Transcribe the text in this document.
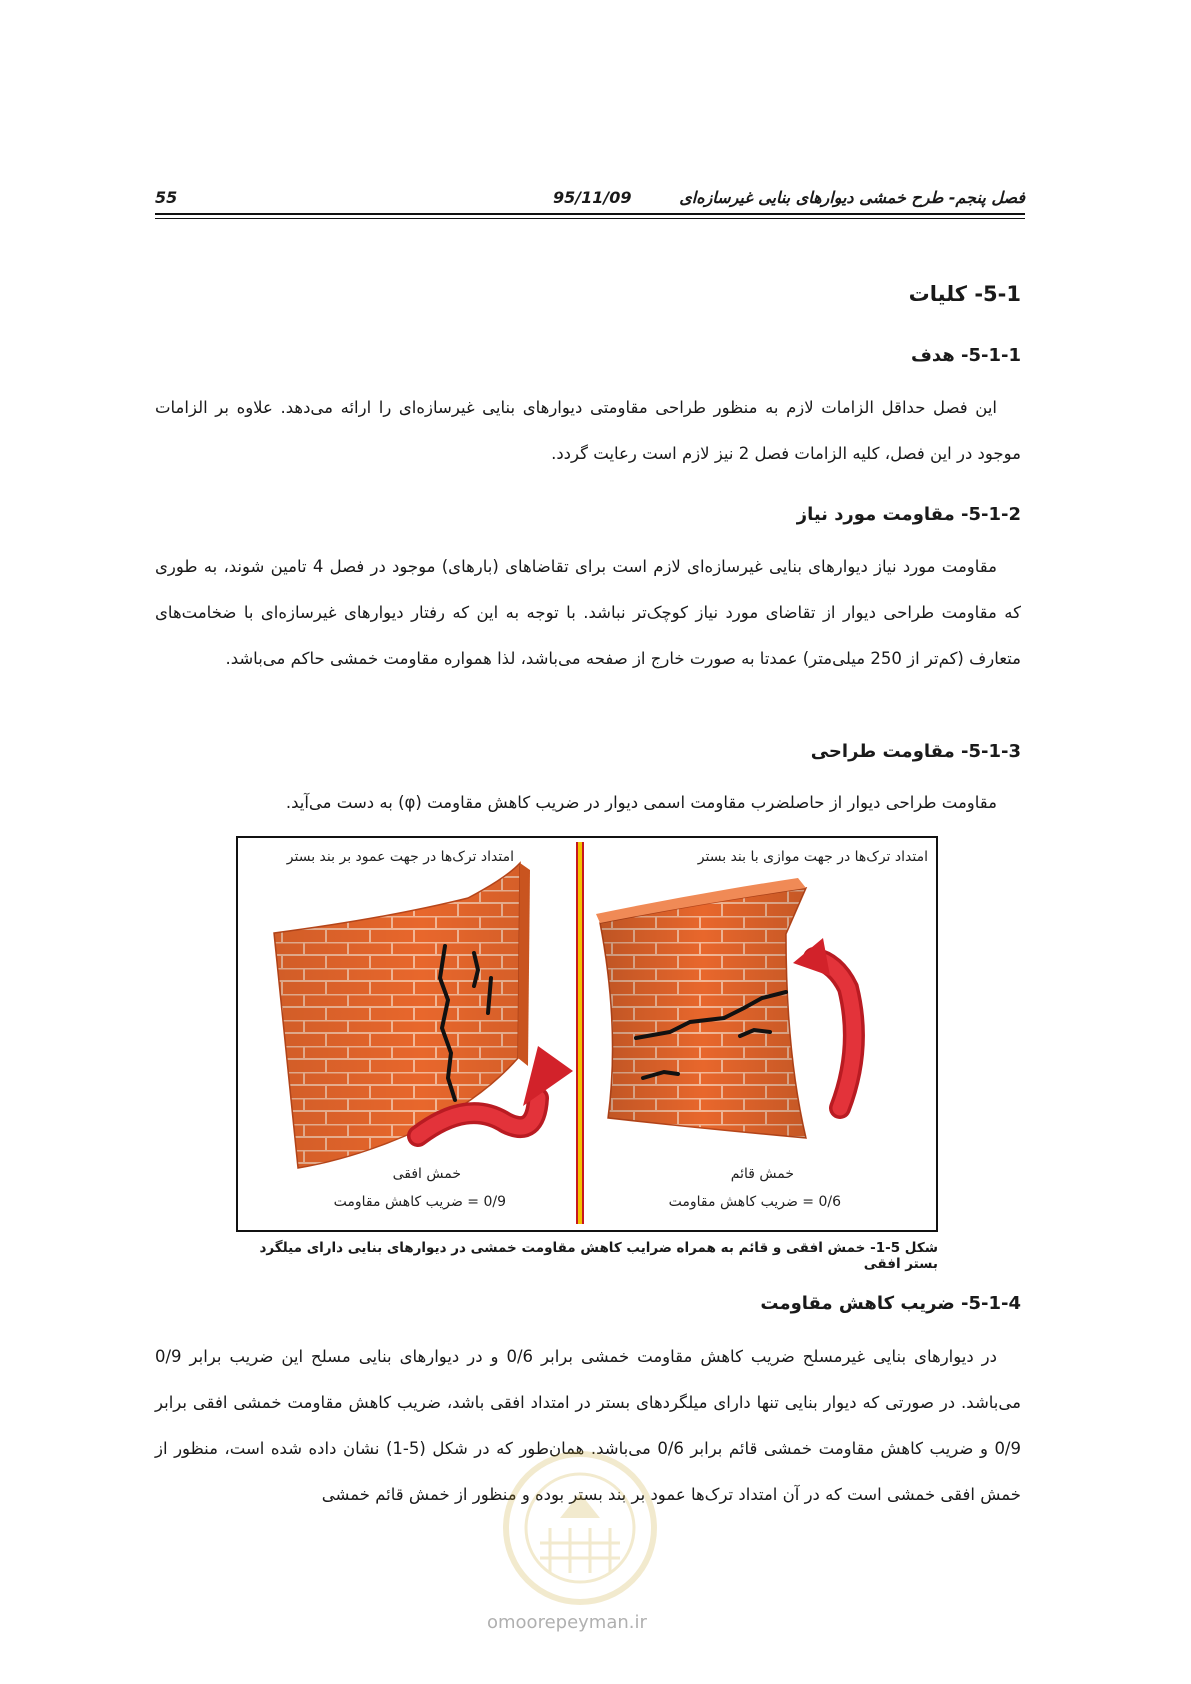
55	95/11/09	فصل پنجم- طرح خمشی دیوارهای بنایی غیرسازه‌ای
5-1- کلیات
5-1-1- هدف

این فصل حداقل الزامات لازم به منظور طراحی مقاومتی دیوارهای بنایی غیرسازه‌ای را ارائه می‌دهد. علاوه بر الزامات موجود در این فصل، کلیه الزامات فصل 2 نیز لازم است رعایت گردد.

5-1-2- مقاومت مورد نیاز

مقاومت مورد نیاز دیوارهای بنایی غیرسازه‌ای لازم است برای تقاضاهای (بارهای) موجود در فصل 4 تامین شوند، به طوری که مقاومت طراحی دیوار از تقاضای مورد نیاز کوچک‌تر نباشد. با توجه به این که رفتار دیوارهای غیرسازه‌ای با ضخامت‌های متعارف (کم‌تر از 250 میلی‌متر) عمدتا به صورت خارج از صفحه می‌باشد، لذا همواره مقاومت خمشی حاکم می‌باشد.

5-1-3- مقاومت طراحی

مقاومت طراحی دیوار از حاصلضرب مقاومت اسمی دیوار در ضریب کاهش مقاومت (φ) به دست می‌آید.

امتداد ترک‌ها در جهت عمود بر بند بستر	امتداد ترک‌ها در جهت موازی با بند بستر
خمش افقی
0/9 = ضریب کاهش مقاومت
خمش قائم
0/6 = ضریب کاهش مقاومت
شکل 5-1- خمش افقی و قائم به همراه ضرایب کاهش مقاومت خمشی در دیوارهای بنایی دارای میلگرد بستر افقی
5-1-4- ضریب کاهش مقاومت

در دیوارهای بنایی غیرمسلح ضریب کاهش مقاومت خمشی برابر 0/6 و در دیوارهای بنایی مسلح این ضریب برابر 0/9 می‌باشد. در صورتی که دیوار بنایی تنها دارای میلگردهای بستر در امتداد افقی باشد، ضریب کاهش مقاومت خمشی افقی برابر 0/9 و ضریب کاهش مقاومت خمشی قائم برابر 0/6 می‌باشد. همان‌طور که در شکل (5-1) نشان داده شده است، منظور از خمش افقی خمشی است که در آن امتداد ترک‌ها عمود بر بند بستر بوده و منظور از خمش قائم خمشی

omoorepeyman.ir
